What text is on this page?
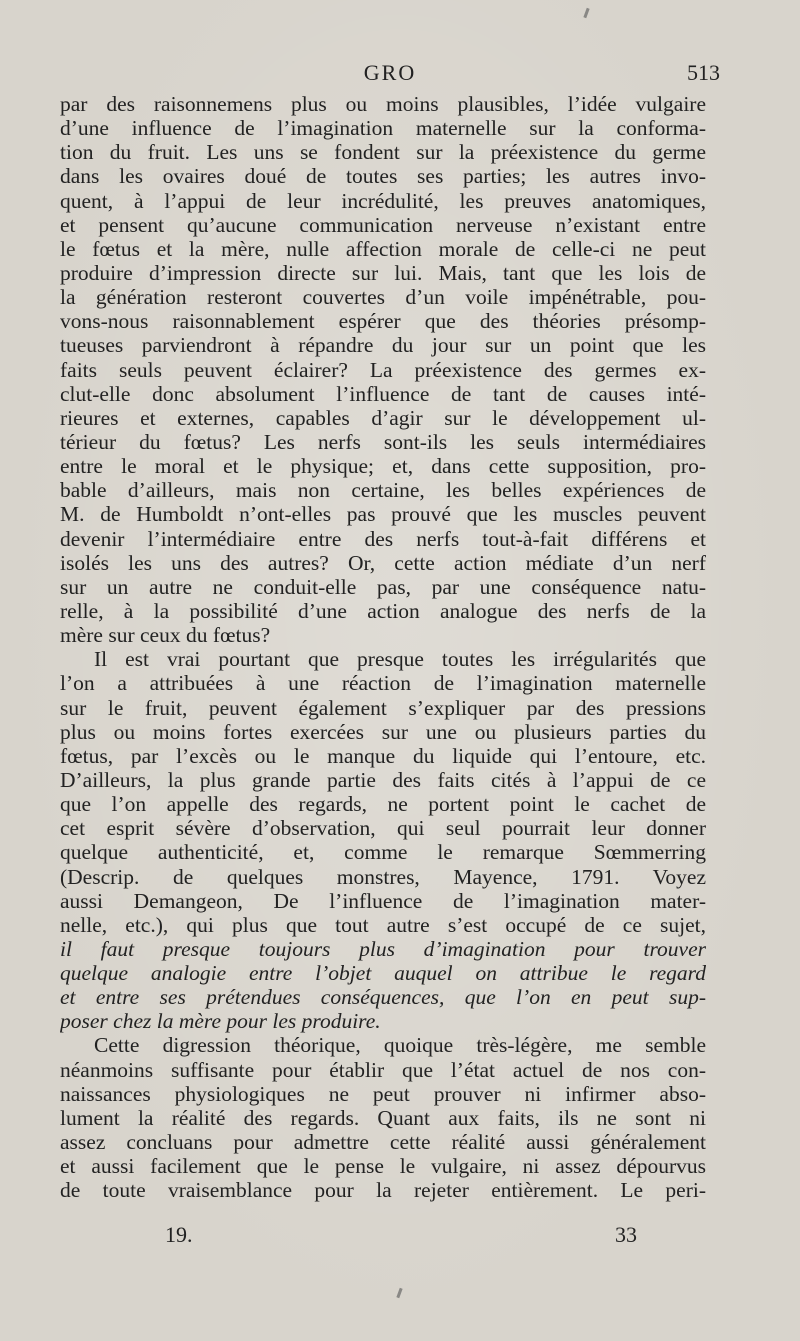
GRO	513
par des raisonnemens plus ou moins plausibles, l’idée vulgaire
d’une influence de l’imagination maternelle sur la conforma-
tion du fruit. Les uns se fondent sur la préexistence du germe
dans les ovaires doué de toutes ses parties; les autres invo-
quent, à l’appui de leur incrédulité, les preuves anatomiques,
et pensent qu’aucune communication nerveuse n’existant entre
le fœtus et la mère, nulle affection morale de celle-ci ne peut
produire d’impression directe sur lui. Mais, tant que les lois de
la génération resteront couvertes d’un voile impénétrable, pou-
vons-nous raisonnablement espérer que des théories présomp-
tueuses parviendront à répandre du jour sur un point que les
faits seuls peuvent éclairer? La préexistence des germes ex-
clut-elle donc absolument l’influence de tant de causes inté-
rieures et externes, capables d’agir sur le développement ul-
térieur du fœtus? Les nerfs sont-ils les seuls intermédiaires
entre le moral et le physique; et, dans cette supposition, pro-
bable d’ailleurs, mais non certaine, les belles expériences de
M. de Humboldt n’ont-elles pas prouvé que les muscles peuvent
devenir l’intermédiaire entre des nerfs tout-à-fait différens et
isolés les uns des autres? Or, cette action médiate d’un nerf
sur un autre ne conduit-elle pas, par une conséquence natu-
relle, à la possibilité d’une action analogue des nerfs de la
mère sur ceux du fœtus?
Il est vrai pourtant que presque toutes les irrégularités que
l’on a attribuées à une réaction de l’imagination maternelle
sur le fruit, peuvent également s’expliquer par des pressions
plus ou moins fortes exercées sur une ou plusieurs parties du
fœtus, par l’excès ou le manque du liquide qui l’entoure, etc.
D’ailleurs, la plus grande partie des faits cités à l’appui de ce
que l’on appelle des regards, ne portent point le cachet de
cet esprit sévère d’observation, qui seul pourrait leur donner
quelque authenticité, et, comme le remarque Sœmmerring
(Descrip. de quelques monstres, Mayence, 1791. Voyez
aussi Demangeon, De l’influence de l’imagination mater-
nelle, etc.), qui plus que tout autre s’est occupé de ce sujet,
il faut presque toujours plus d’imagination pour trouver
quelque analogie entre l’objet auquel on attribue le regard
et entre ses prétendues conséquences, que l’on en peut sup-
poser chez la mère pour les produire.
Cette digression théorique, quoique très-légère, me semble
néanmoins suffisante pour établir que l’état actuel de nos con-
naissances physiologiques ne peut prouver ni infirmer abso-
lument la réalité des regards. Quant aux faits, ils ne sont ni
assez concluans pour admettre cette réalité aussi généralement
et aussi facilement que le pense le vulgaire, ni assez dépourvus
de toute vraisemblance pour la rejeter entièrement. Le peri-
19.	33
